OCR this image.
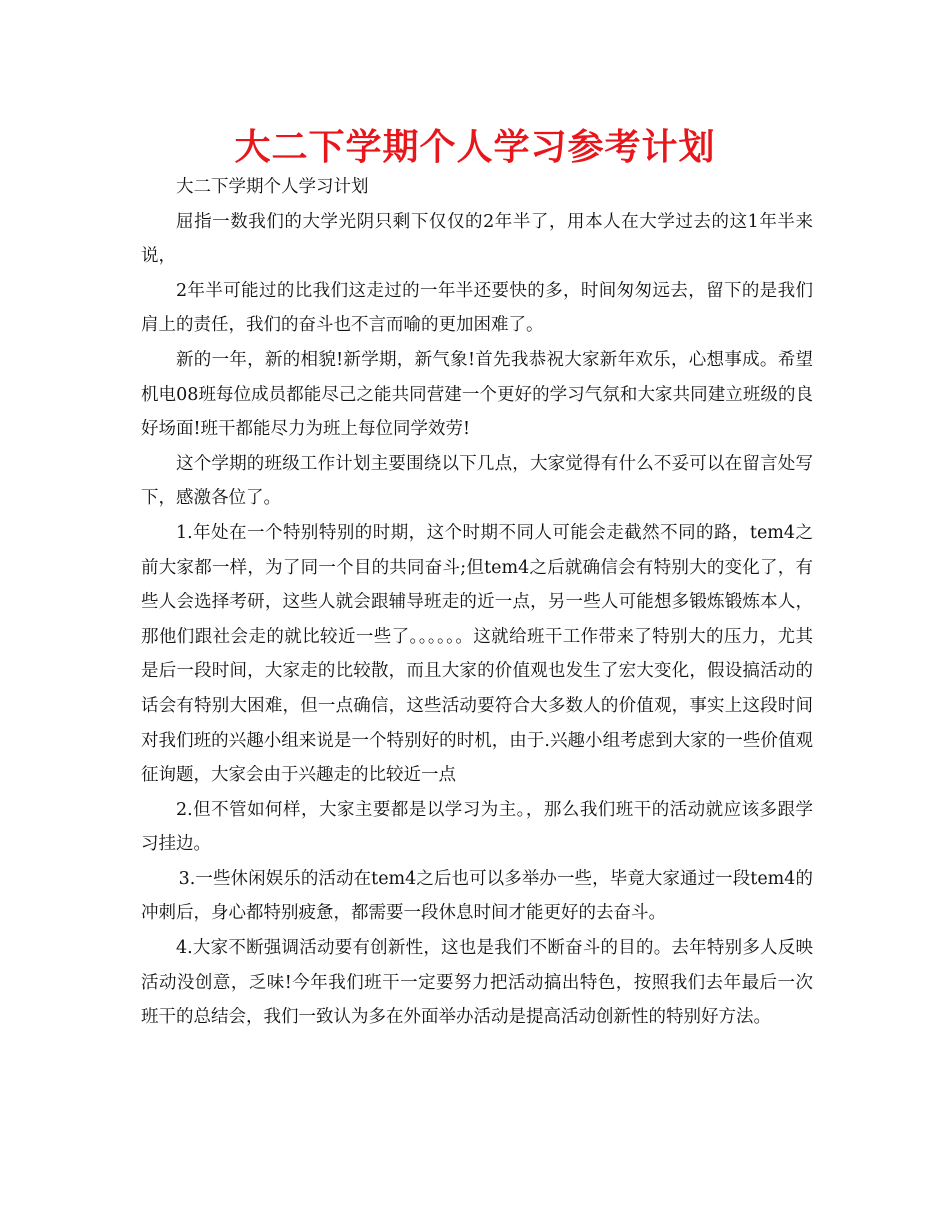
大二下学期个人学习参考计划

大二下学期个人学习计划

屈指一数我们的大学光阴只剩下仅仅的2年半了，用本人在大学过去的这1年半来说，

2年半可能过的比我们这走过的一年半还要快的多，时间匆匆远去，留下的是我们肩上的责任，我们的奋斗也不言而喻的更加困难了。

新的一年，新的相貌!新学期，新气象!首先我恭祝大家新年欢乐，心想事成。希望机电08班每位成员都能尽己之能共同营建一个更好的学习气氛和大家共同建立班级的良好场面!班干都能尽力为班上每位同学效劳!

这个学期的班级工作计划主要围绕以下几点，大家觉得有什么不妥可以在留言处写下，感激各位了。

1.年处在一个特别特别的时期，这个时期不同人可能会走截然不同的路，tem4之前大家都一样，为了同一个目的共同奋斗;但tem4之后就确信会有特别大的变化了，有些人会选择考研，这些人就会跟辅导班走的近一点，另一些人可能想多锻炼锻炼本人，那他们跟社会走的就比较近一些了。。。。。。这就给班干工作带来了特别大的压力，尤其是后一段时间，大家走的比较散，而且大家的价值观也发生了宏大变化，假设搞活动的话会有特别大困难，但一点确信，这些活动要符合大多数人的价值观，事实上这段时间对我们班的兴趣小组来说是一个特别好的时机，由于.兴趣小组考虑到大家的一些价值观征询题，大家会由于兴趣走的比较近一点

2.但不管如何样，大家主要都是以学习为主。，那么我们班干的活动就应该多跟学习挂边。

3.一些休闲娱乐的活动在tem4之后也可以多举办一些，毕竟大家通过一段tem4的冲刺后，身心都特别疲惫，都需要一段休息时间才能更好的去奋斗。

4.大家不断强调活动要有创新性，这也是我们不断奋斗的目的。去年特别多人反映活动没创意，乏味!今年我们班干一定要努力把活动搞出特色，按照我们去年最后一次班干的总结会，我们一致认为多在外面举办活动是提高活动创新性的特别好方法。
